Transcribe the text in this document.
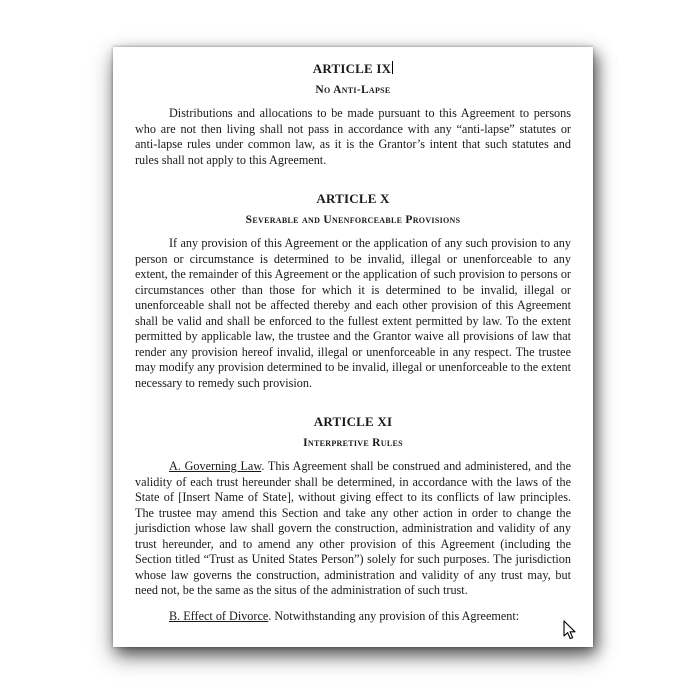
ARTICLE IX
No Anti-Lapse

Distributions and allocations to be made pursuant to this Agreement to persons who are not then living shall not pass in accordance with any “anti-lapse” statutes or anti-lapse rules under common law, as it is the Grantor’s intent that such statutes and rules shall not apply to this Agreement.

ARTICLE X
Severable and Unenforceable Provisions

If any provision of this Agreement or the application of any such provision to any person or circumstance is determined to be invalid, illegal or unenforceable to any extent, the remainder of this Agreement or the application of such provision to persons or circumstances other than those for which it is determined to be invalid, illegal or unenforceable shall not be affected thereby and each other provision of this Agreement shall be valid and shall be enforced to the fullest extent permitted by law. To the extent permitted by applicable law, the trustee and the Grantor waive all provisions of law that render any provision hereof invalid, illegal or unenforceable in any respect. The trustee may modify any provision determined to be invalid, illegal or unenforceable to the extent necessary to remedy such provision.

ARTICLE XI
Interpretive Rules

A. Governing Law. This Agreement shall be construed and administered, and the validity of each trust hereunder shall be determined, in accordance with the laws of the State of [Insert Name of State], without giving effect to its conflicts of law principles. The trustee may amend this Section and take any other action in order to change the jurisdiction whose law shall govern the construction, administration and validity of any trust hereunder, and to amend any other provision of this Agreement (including the Section titled “Trust as United States Person”) solely for such purposes. The jurisdiction whose law governs the construction, administration and validity of any trust may, but need not, be the same as the situs of the administration of such trust.

B. Effect of Divorce. Notwithstanding any provision of this Agreement:
